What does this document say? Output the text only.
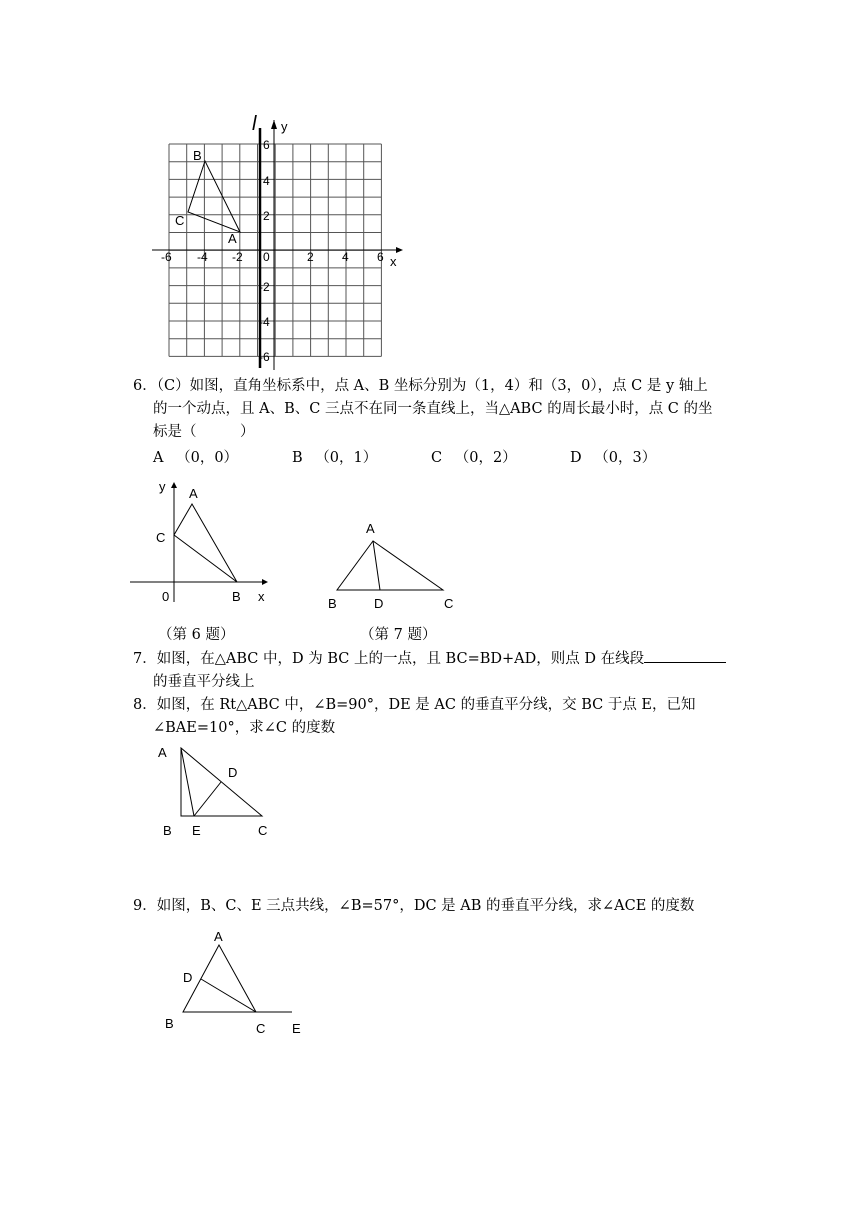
l y
x
-6 -4 -2 0	2 4 6
6
4
2
-2
-4
-6
B
C
A
6．（C）如图，直角坐标系中，点 A、B 坐标分别为（1，4）和（3，0），点 C 是 y 轴上
的一个动点，且 A、B、C 三点不在同一条直线上，当△ABC 的周长最小时，点 C 的坐
标是（　　　）
A （0，0）	B （0，1）	C （0，2）	D （0，3）
y A
C
0	B x
A
B	D	C
（第 6 题）	（第 7 题）
7．如图，在△ABC 中，D 为 BC 上的一点，且 BC=BD+AD，则点 D 在线段
的垂直平分线上
8．如图，在 Rt△ABC 中，∠B=90°，DE 是 AC 的垂直平分线，交 BC 于点 E，已知
∠BAE=10°，求∠C 的度数
A
D
B E	C
9．如图，B、C、E 三点共线，∠B=57°，DC 是 AB 的垂直平分线，求∠ACE 的度数
A
D
B	C E
